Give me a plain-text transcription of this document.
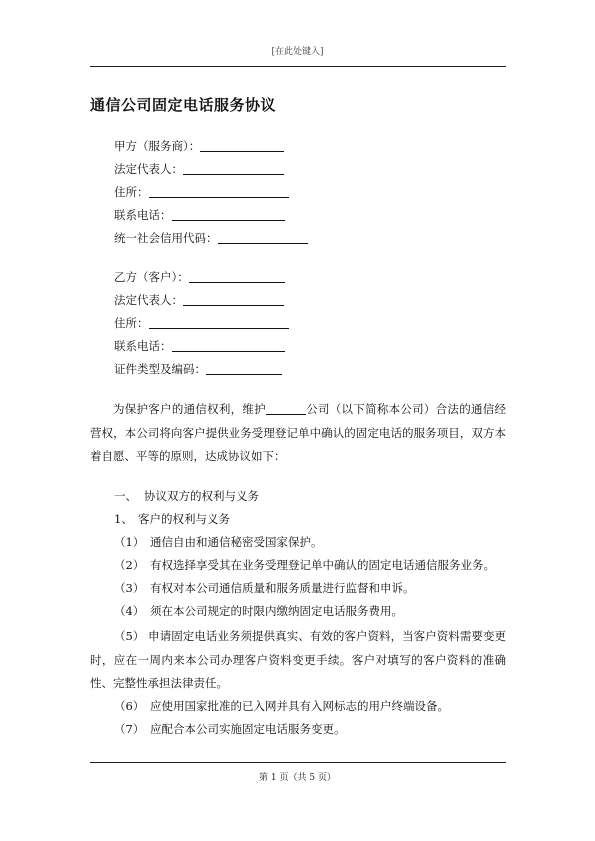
[在此处键入]
通信公司固定电话服务协议
甲方（服务商）：
法定代表人：
住所：
联系电话：
统一社会信用代码：
乙方（客户）：
法定代表人：
住所：
联系电话：
证件类型及编码：
为保护客户的通信权利，维护	公司（以下简称本公司）合法的通信经营权，本公司将向客户提供业务受理登记单中确认的固定电话的服务项目，双方本着自愿、平等的原则，达成协议如下：
一、 协议双方的权利与义务
1、 客户的权利与义务
（1） 通信自由和通信秘密受国家保护。
（2） 有权选择享受其在业务受理登记单中确认的固定电话通信服务业务。
（3） 有权对本公司通信质量和服务质量进行监督和申诉。
（4） 须在本公司规定的时限内缴纳固定电话服务费用。
（5） 申请固定电话业务须提供真实、有效的客户资料，当客户资料需要变更时，应在一周内来本公司办理客户资料变更手续。客户对填写的客户资料的准确性、完整性承担法律责任。
（6） 应使用国家批准的已入网并具有入网标志的用户终端设备。
（7） 应配合本公司实施固定电话服务变更。
第 1 页（共 5 页）
